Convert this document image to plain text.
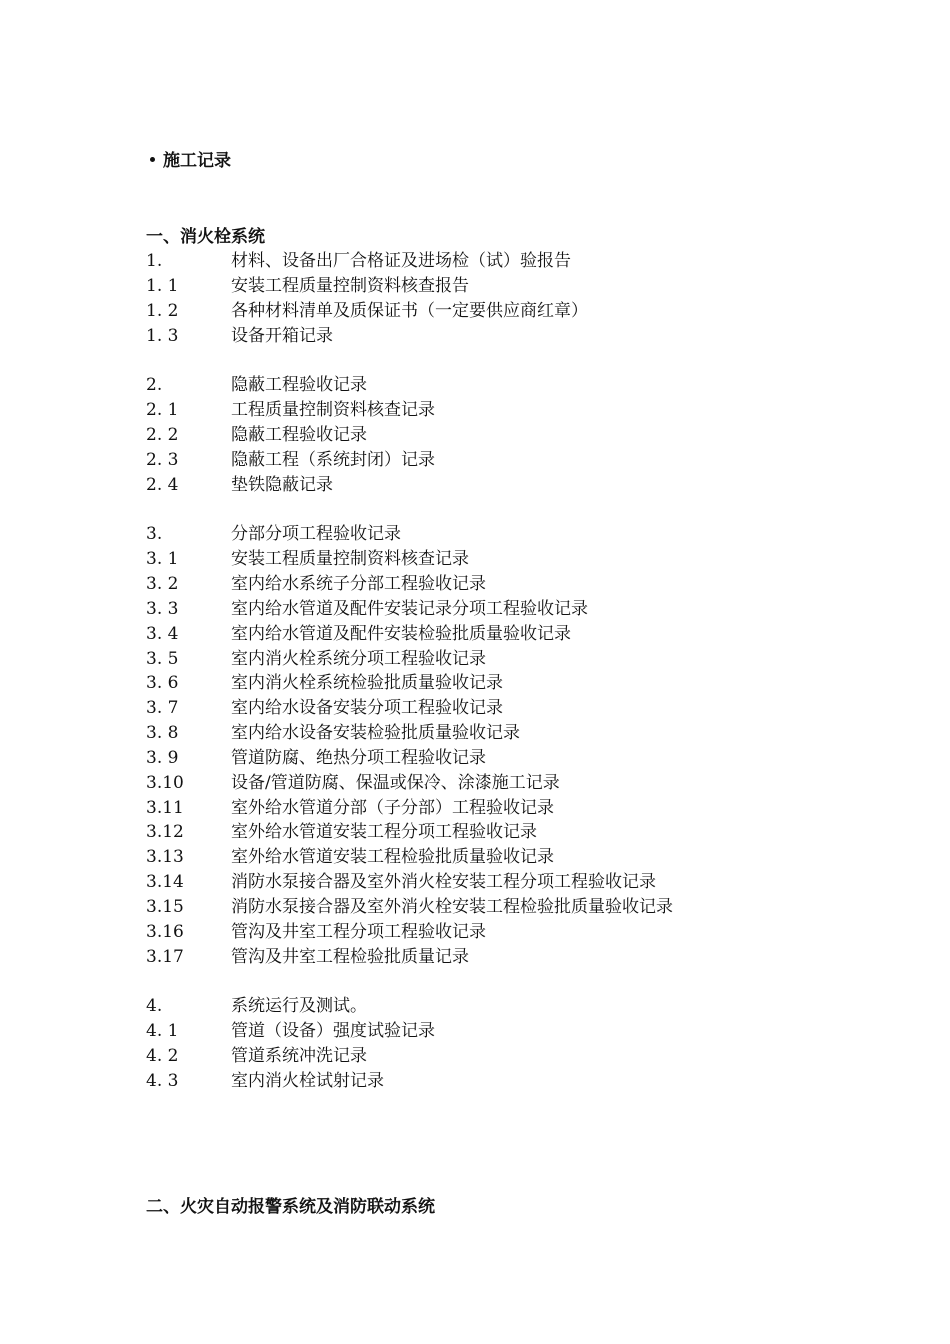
施工记录
一、消火栓系统
1.	材料、设备出厂合格证及进场检（试）验报告
1. 1	安装工程质量控制资料核查报告
1. 2	各种材料清单及质保证书（一定要供应商红章）
1. 3	设备开箱记录
2.	隐蔽工程验收记录
2. 1	工程质量控制资料核查记录
2. 2	隐蔽工程验收记录
2. 3	隐蔽工程（系统封闭）记录
2. 4	垫铁隐蔽记录
3.	分部分项工程验收记录
3. 1	安装工程质量控制资料核查记录
3. 2	室内给水系统子分部工程验收记录
3. 3	室内给水管道及配件安装记录分项工程验收记录
3. 4	室内给水管道及配件安装检验批质量验收记录
3. 5	室内消火栓系统分项工程验收记录
3. 6	室内消火栓系统检验批质量验收记录
3. 7	室内给水设备安装分项工程验收记录
3. 8	室内给水设备安装检验批质量验收记录
3. 9	管道防腐、绝热分项工程验收记录
3.10	设备/管道防腐、保温或保冷、涂漆施工记录
3.11	室外给水管道分部（子分部）工程验收记录
3.12	室外给水管道安装工程分项工程验收记录
3.13	室外给水管道安装工程检验批质量验收记录
3.14	消防水泵接合器及室外消火栓安装工程分项工程验收记录
3.15	消防水泵接合器及室外消火栓安装工程检验批质量验收记录
3.16	管沟及井室工程分项工程验收记录
3.17	管沟及井室工程检验批质量记录
4.	系统运行及测试。
4. 1	管道（设备）强度试验记录
4. 2	管道系统冲洗记录
4. 3	室内消火栓试射记录
二、火灾自动报警系统及消防联动系统
